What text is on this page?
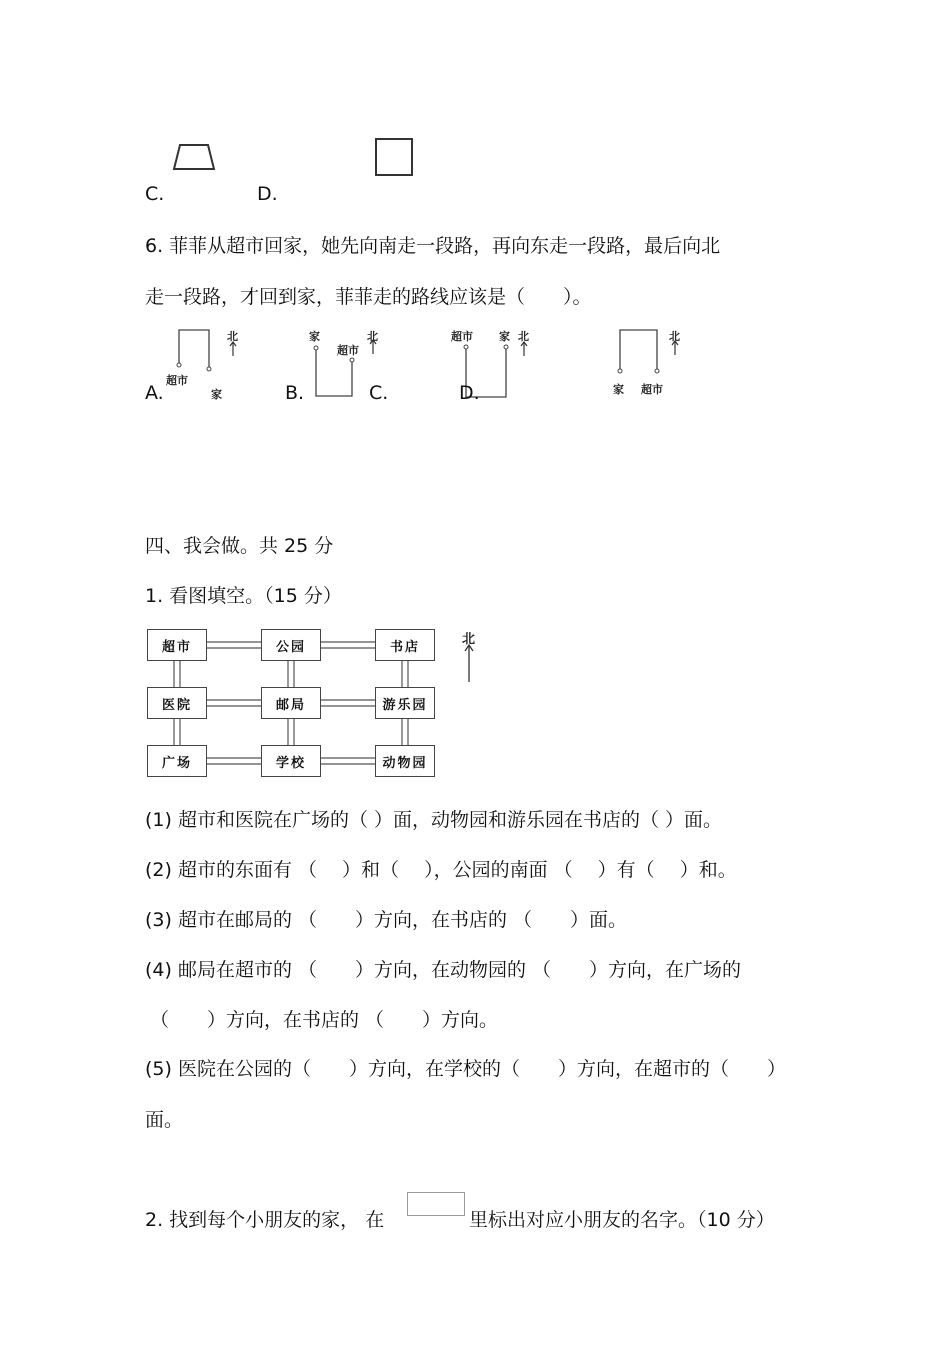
C.	D.
6. 菲菲从超市回家，她先向南走一段路，再向东走一段路，最后向北
走一段路，才回到家，菲菲走的路线应该是（　　）。
北
超市
家
A.
家
超市
北
B.
超市 家 北
C.
北
家 超市
D.
四、我会做。共 25 分
1. 看图填空。（15 分）
超市	公园	书店
医院	邮局	游乐园
广场	学校	动物园
北
(1) 超市和医院在广场的（ ）面，动物园和游乐园在书店的（ ）面。
(2) 超市的东面有 （　 ）和（　 ），公园的南面 （　 ）有（　 ）和。
(3) 超市在邮局的 （　　）方向，在书店的 （　　）面。
(4) 邮局在超市的 （　　）方向，在动物园的 （　　）方向，在广场的
（　　）方向，在书店的 （　　）方向。
(5) 医院在公园的（　　）方向，在学校的（　　）方向，在超市的（　　）
面。
2. 找到每个小朋友的家， 在	里标出对应小朋友的名字。（10 分）
